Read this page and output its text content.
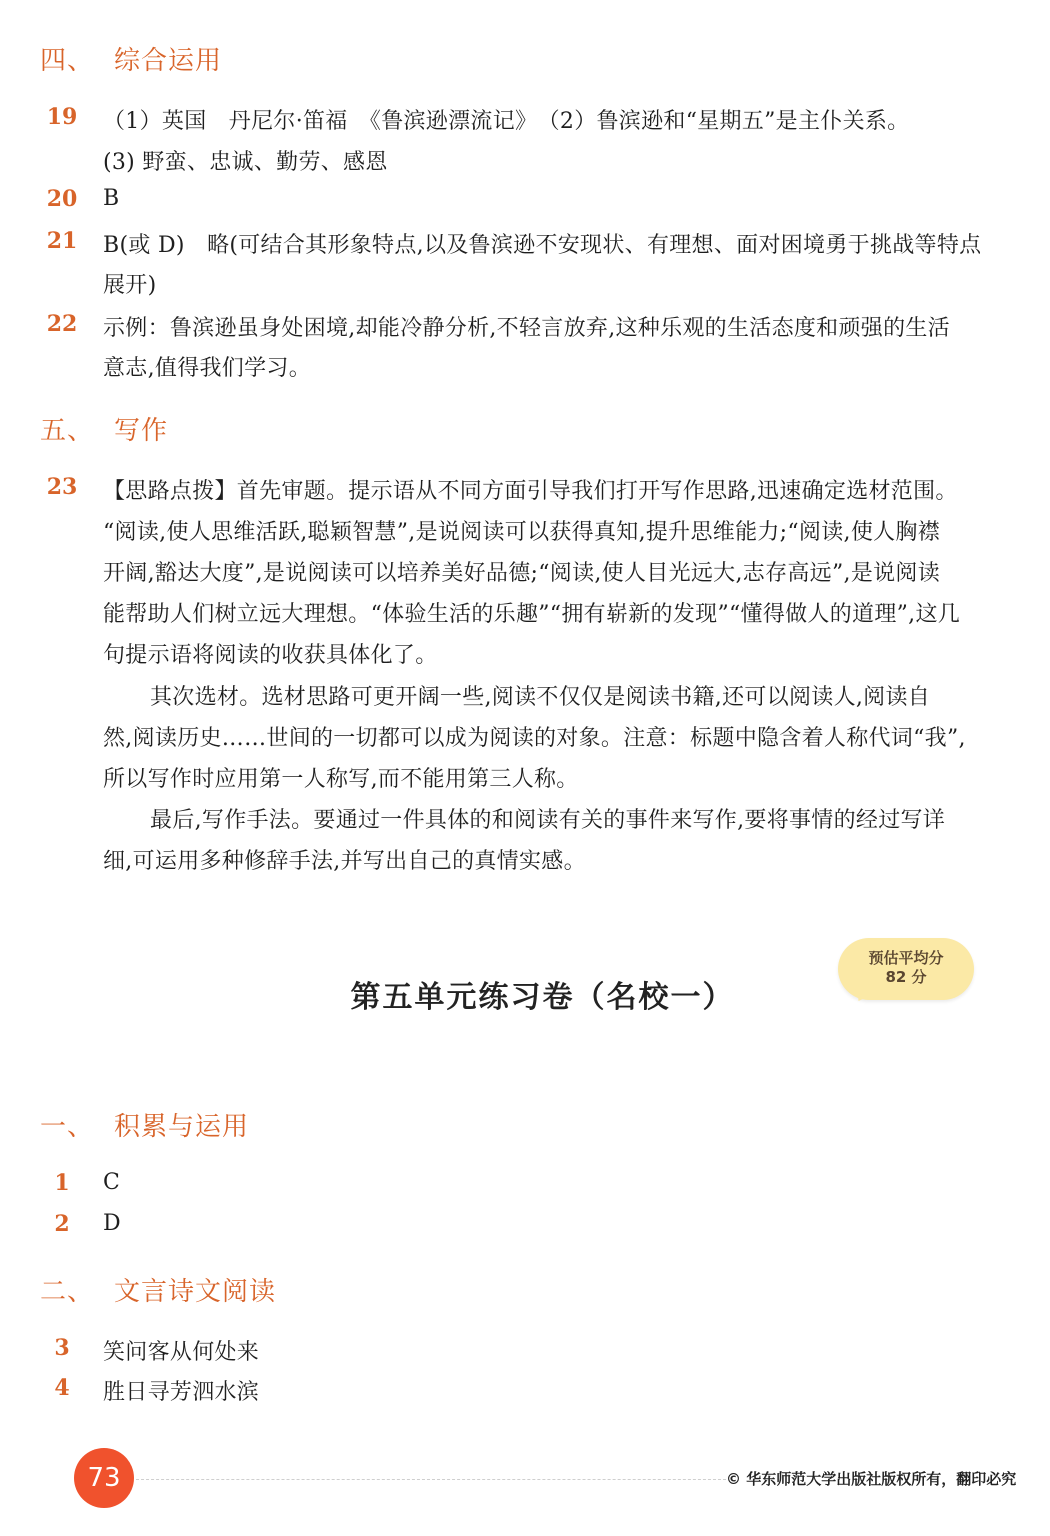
四、 综合运用
19	（1）英国　丹尼尔·笛福　《鲁滨逊漂流记》　（2）鲁滨逊和“星期五”是主仆关系。
(3) 野蛮、忠诚、勤劳、感恩
20	B
21	B(或 D)　略(可结合其形象特点,以及鲁滨逊不安现状、有理想、面对困境勇于挑战等特点
展开)
22	示例：鲁滨逊虽身处困境,却能冷静分析,不轻言放弃,这种乐观的生活态度和顽强的生活
意志,值得我们学习。
五、 写作
23	【思路点拨】首先审题。提示语从不同方面引导我们打开写作思路,迅速确定选材范围。
“阅读,使人思维活跃,聪颖智慧”,是说阅读可以获得真知,提升思维能力;“阅读,使人胸襟
开阔,豁达大度”,是说阅读可以培养美好品德;“阅读,使人目光远大,志存高远”,是说阅读
能帮助人们树立远大理想。“体验生活的乐趣”“拥有崭新的发现”“懂得做人的道理”,这几
句提示语将阅读的收获具体化了。
其次选材。选材思路可更开阔一些,阅读不仅仅是阅读书籍,还可以阅读人,阅读自
然,阅读历史……世间的一切都可以成为阅读的对象。注意：标题中隐含着人称代词“我”,
所以写作时应用第一人称写,而不能用第三人称。
最后,写作手法。要通过一件具体的和阅读有关的事件来写作,要将事情的经过写详
细,可运用多种修辞手法,并写出自己的真情实感。
第五单元练习卷（名校一）
预估平均分
82 分
一、 积累与运用
1	C
2	D
二、 文言诗文阅读
3	笑问客从何处来
4	胜日寻芳泗水滨
73	© 华东师范大学出版社版权所有，翻印必究
